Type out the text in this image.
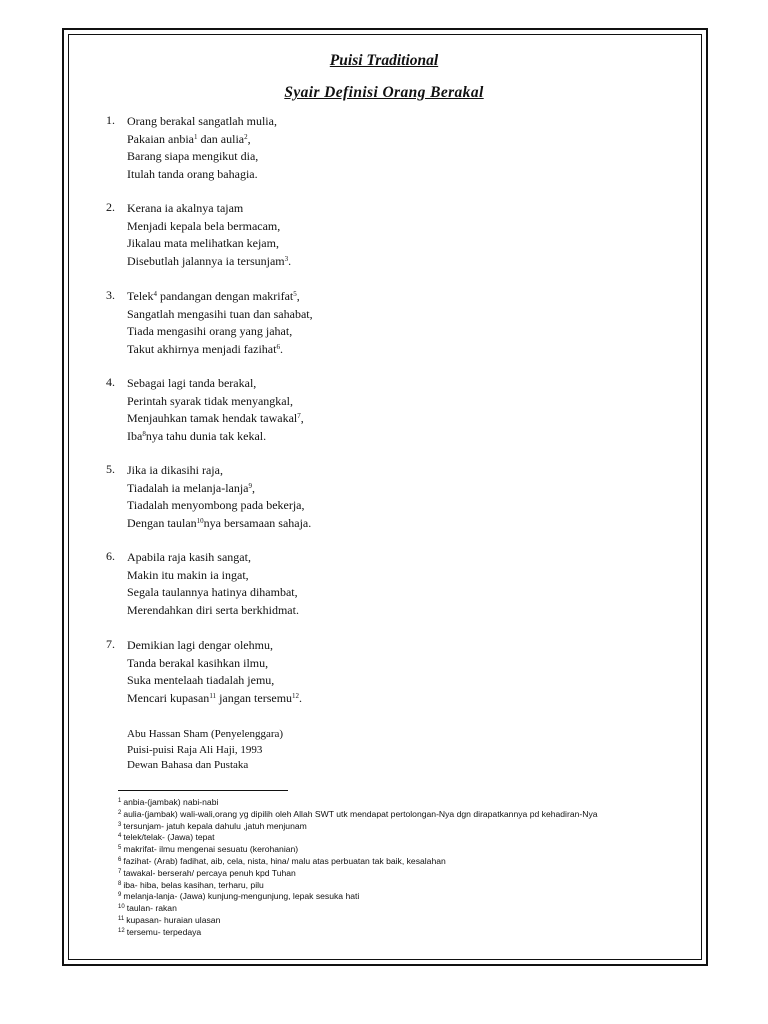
Puisi Traditional

Syair Definisi Orang Berakal

1. Orang berakal sangatlah mulia,
Pakaian anbia$^1$ dan aulia$^2$,
Barang siapa mengikut dia,
Itulah tanda orang bahagia.
2. Kerana ia akalnya tajam
Menjadi kepala bela bermacam,
Jikalau mata melihatkan kejam,
Disebutlah jalannya ia tersunjam$^3$.
3. Telek$^4$ pandangan dengan makrifat$^5$,
Sangatlah mengasihi tuan dan sahabat,
Tiada mengasihi orang yang jahat,
Takut akhirnya menjadi fazihat$^6$.
4. Sebagai lagi tanda berakal,
Perintah syarak tidak menyangkal,
Menjauhkan tamak hendak tawakal$^7$,
Iba$^8$nya tahu dunia tak kekal.
5. Jika ia dikasihi raja,
Tiadalah ia melanja-lanja$^9$,
Tiadalah menyombong pada bekerja,
Dengan taulan$^{10}$nya bersamaan sahaja.
6. Apabila raja kasih sangat,
Makin itu makin ia ingat,
Segala taulannya hatinya dihambat,
Merendahkan diri serta berkhidmat.
7. Demikian lagi dengar olehmu,
Tanda berakal kasihkan ilmu,
Suka mentelaah tiadalah jemu,
Mencari kupasan$^{11}$ jangan tersemu$^{12}$.
Abu Hassan Sham (Penyelenggara)
Puisi-puisi Raja Ali Haji, 1993
Dewan Bahasa dan Pustaka
$^1$ anbia-(jambak) nabi-nabi
$^2$ aulia-(jambak) wali-wali,orang yg dipilih oleh Allah SWT utk mendapat pertolongan-Nya dgn dirapatkannya pd kehadiran-Nya
$^3$ tersunjam- jatuh kepala dahulu ,jatuh menjunam
$^4$ telek/telak- (Jawa) tepat
$^5$ makrifat- ilmu mengenai sesuatu (kerohanian)
$^6$ fazihat- (Arab) fadihat, aib, cela, nista, hina/ malu atas perbuatan tak baik, kesalahan
$^7$ tawakal- berserah/ percaya penuh kpd Tuhan
$^8$ iba- hiba, belas kasihan, terharu, pilu
$^9$ melanja-lanja- (Jawa) kunjung-mengunjung, lepak sesuka hati
$^{10}$ taulan- rakan
$^{11}$ kupasan- huraian ulasan
$^{12}$ tersemu- terpedaya
